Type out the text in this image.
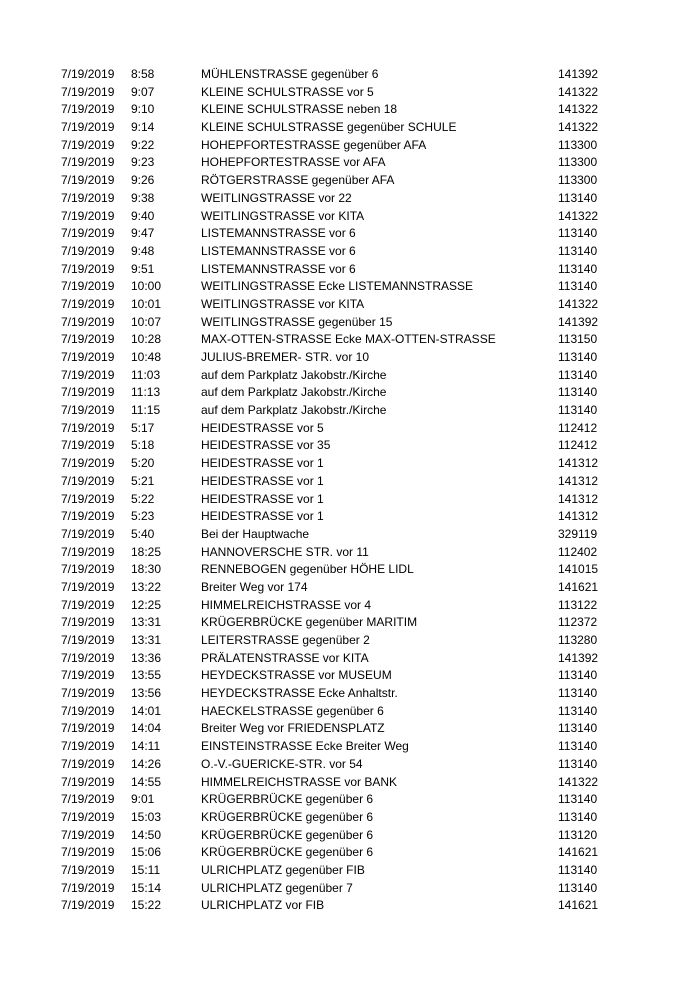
7/19/2019 8:58	MÜHLENSTRASSE gegenüber 6	141392
7/19/2019 9:07	KLEINE SCHULSTRASSE vor 5	141322
7/19/2019 9:10	KLEINE SCHULSTRASSE neben 18	141322
7/19/2019 9:14	KLEINE SCHULSTRASSE gegenüber SCHULE	141322
7/19/2019 9:22	HOHEPFORTESTRASSE gegenüber AFA	113300
7/19/2019 9:23	HOHEPFORTESTRASSE vor AFA	113300
7/19/2019 9:26	RÖTGERSTRASSE gegenüber AFA	113300
7/19/2019 9:38	WEITLINGSTRASSE vor 22	113140
7/19/2019 9:40	WEITLINGSTRASSE vor KITA	141322
7/19/2019 9:47	LISTEMANNSTRASSE vor 6	113140
7/19/2019 9:48	LISTEMANNSTRASSE vor 6	113140
7/19/2019 9:51	LISTEMANNSTRASSE vor 6	113140
7/19/2019 10:00	WEITLINGSTRASSE Ecke LISTEMANNSTRASSE	113140
7/19/2019 10:01	WEITLINGSTRASSE vor KITA	141322
7/19/2019 10:07	WEITLINGSTRASSE gegenüber 15	141392
7/19/2019 10:28	MAX-OTTEN-STRASSE Ecke MAX-OTTEN-STRASSE	113150
7/19/2019 10:48	JULIUS-BREMER- STR. vor 10	113140
7/19/2019 11:03	auf dem Parkplatz Jakobstr./Kirche	113140
7/19/2019 11:13	auf dem Parkplatz Jakobstr./Kirche	113140
7/19/2019 11:15	auf dem Parkplatz Jakobstr./Kirche	113140
7/19/2019 5:17	HEIDESTRASSE vor 5	112412
7/19/2019 5:18	HEIDESTRASSE vor 35	112412
7/19/2019 5:20	HEIDESTRASSE vor 1	141312
7/19/2019 5:21	HEIDESTRASSE vor 1	141312
7/19/2019 5:22	HEIDESTRASSE vor 1	141312
7/19/2019 5:23	HEIDESTRASSE vor 1	141312
7/19/2019 5:40	Bei der Hauptwache	329119
7/19/2019 18:25	HANNOVERSCHE STR. vor 11	112402
7/19/2019 18:30	RENNEBOGEN gegenüber HÖHE LIDL	141015
7/19/2019 13:22	Breiter Weg vor 174	141621
7/19/2019 12:25	HIMMELREICHSTRASSE vor 4	113122
7/19/2019 13:31	KRÜGERBRÜCKE gegenüber MARITIM	112372
7/19/2019 13:31	LEITERSTRASSE gegenüber 2	113280
7/19/2019 13:36	PRÄLATENSTRASSE vor KITA	141392
7/19/2019 13:55	HEYDECKSTRASSE vor MUSEUM	113140
7/19/2019 13:56	HEYDECKSTRASSE Ecke Anhaltstr.	113140
7/19/2019 14:01	HAECKELSTRASSE gegenüber 6	113140
7/19/2019 14:04	Breiter Weg vor FRIEDENSPLATZ	113140
7/19/2019 14:11	EINSTEINSTRASSE Ecke Breiter Weg	113140
7/19/2019 14:26	O.-V.-GUERICKE-STR. vor 54	113140
7/19/2019 14:55	HIMMELREICHSTRASSE vor BANK	141322
7/19/2019 9:01	KRÜGERBRÜCKE gegenüber 6	113140
7/19/2019 15:03	KRÜGERBRÜCKE gegenüber 6	113140
7/19/2019 14:50	KRÜGERBRÜCKE gegenüber 6	113120
7/19/2019 15:06	KRÜGERBRÜCKE gegenüber 6	141621
7/19/2019 15:11	ULRICHPLATZ gegenüber FIB	113140
7/19/2019 15:14	ULRICHPLATZ gegenüber 7	113140
7/19/2019 15:22	ULRICHPLATZ vor FIB	141621
